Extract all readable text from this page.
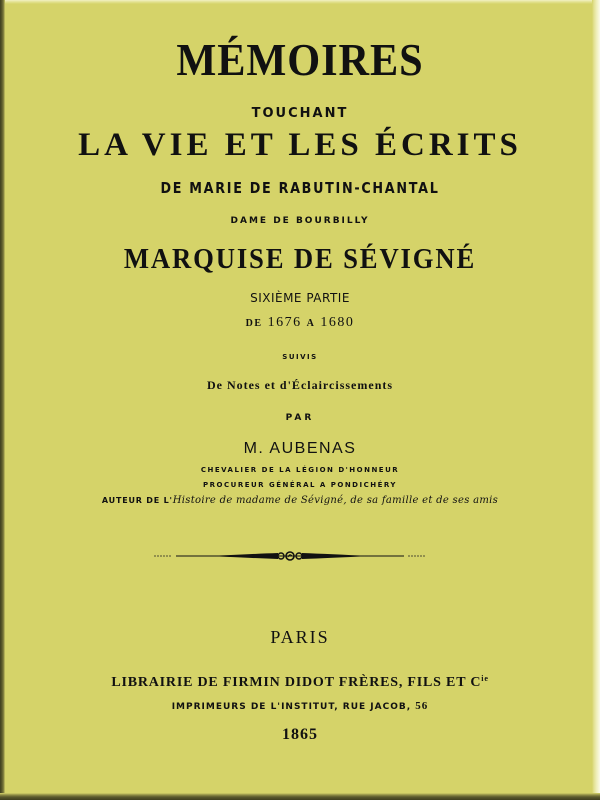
MÉMOIRES
TOUCHANT
LA VIE ET LES ÉCRITS
DE MARIE DE RABUTIN-CHANTAL
DAME DE BOURBILLY
MARQUISE DE SÉVIGNÉ
SIXIÈME PARTIE
DE 1676 A 1680
SUIVIS
De Notes et d'Éclaircissements
PAR
M. AUBENAS
CHEVALIER DE LA LÉGION D'HONNEUR
PROCUREUR GÉNÉRAL A PONDICHÉRY
AUTEUR DE L'Histoire de madame de Sévigné, de sa famille et de ses amis
PARIS
LIBRAIRIE DE FIRMIN DIDOT FRÈRES, FILS ET $C^{ie}$
IMPRIMEURS DE L'INSTITUT, RUE JACOB, 56
1865
